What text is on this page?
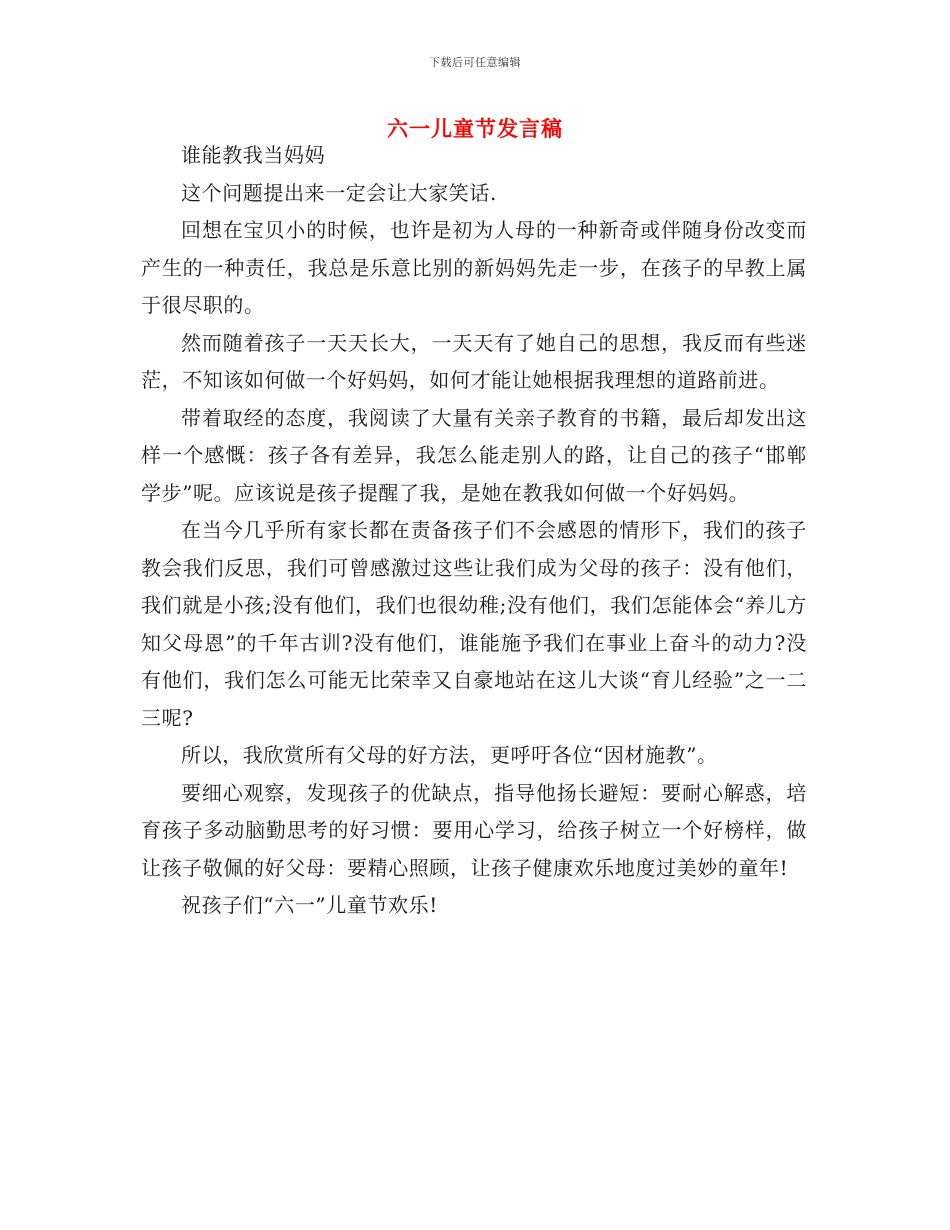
下载后可任意编辑
六一儿童节发言稿

谁能教我当妈妈

这个问题提出来一定会让大家笑话.

回想在宝贝小的时候，也许是初为人母的一种新奇或伴随身份改变而产生的一种责任，我总是乐意比别的新妈妈先走一步，在孩子的早教上属于很尽职的。

然而随着孩子一天天长大，一天天有了她自己的思想，我反而有些迷茫，不知该如何做一个好妈妈，如何才能让她根据我理想的道路前进。

带着取经的态度，我阅读了大量有关亲子教育的书籍，最后却发出这样一个感慨：孩子各有差异，我怎么能走别人的路，让自己的孩子“邯郸学步”呢。应该说是孩子提醒了我，是她在教我如何做一个好妈妈。

在当今几乎所有家长都在责备孩子们不会感恩的情形下，我们的孩子教会我们反思，我们可曾感激过这些让我们成为父母的孩子：没有他们，我们就是小孩;没有他们，我们也很幼稚;没有他们，我们怎能体会“养儿方知父母恩”的千年古训?没有他们，谁能施予我们在事业上奋斗的动力?没有他们，我们怎么可能无比荣幸又自豪地站在这儿大谈“育儿经验”之一二三呢?

所以，我欣赏所有父母的好方法，更呼吁各位“因材施教”。

要细心观察，发现孩子的优缺点，指导他扬长避短：要耐心解惑，培育孩子多动脑勤思考的好习惯：要用心学习，给孩子树立一个好榜样，做让孩子敬佩的好父母：要精心照顾，让孩子健康欢乐地度过美妙的童年!

祝孩子们“六一”儿童节欢乐!
